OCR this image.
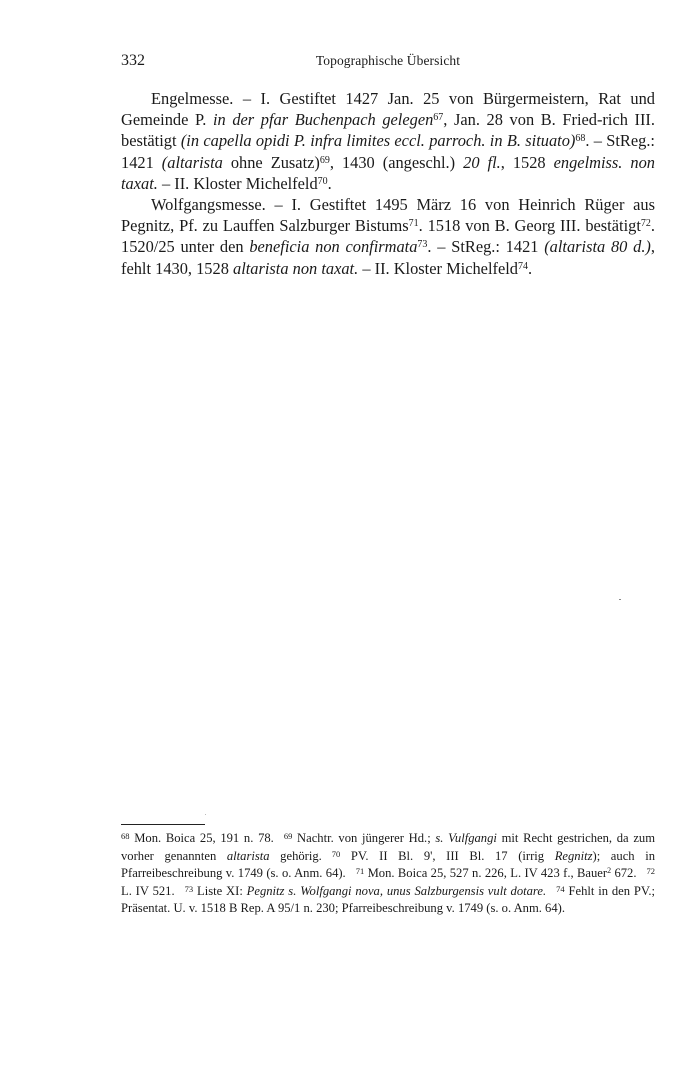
332	Topographische Übersicht

Engelmesse. – I. Gestiftet 1427 Jan. 25 von Bürgermeistern, Rat und Gemeinde P. in der pfar Buchenpach gelegen$^{67}$, Jan. 28 von B. Fried-rich III. bestätigt (in capella opidi P. infra limites eccl. parroch. in B. situato)$^{68}$. – StReg.: 1421 (altarista ohne Zusatz)$^{69}$, 1430 (angeschl.) 20 fl., 1528 engelmiss. non taxat. – II. Kloster Michelfeld$^{70}$.

Wolfgangsmesse. – I. Gestiftet 1495 März 16 von Heinrich Rüger aus Pegnitz, Pf. zu Lauffen Salzburger Bistums$^{71}$. 1518 von B. Georg III. bestätigt$^{72}$. 1520/25 unter den beneficia non confirmata$^{73}$. – StReg.: 1421 (altarista 80 d.), fehlt 1430, 1528 altarista non taxat. – II. Kloster Michelfeld$^{74}$.

$^{68}$ Mon. Boica 25, 191 n. 78. $^{69}$ Nachtr. von jüngerer Hd.; s. Vulfgangi mit Recht gestrichen, da zum vorher genannten altarista gehörig. $^{70}$ PV. II Bl. 9', III Bl. 17 (irrig Regnitz); auch in Pfarreibeschreibung v. 1749 (s. o. Anm. 64). $^{71}$ Mon. Boica 25, 527 n. 226, L. IV 423 f., Bauer$^2$ 672. $^{72}$ L. IV 521. $^{73}$ Liste XI: Pegnitz s. Wolfgangi nova, unus Salzburgensis vult dotare. $^{74}$ Fehlt in den PV.; Präsentat. U. v. 1518 B Rep. A 95/1 n. 230; Pfarreibeschreibung v. 1749 (s. o. Anm. 64).
